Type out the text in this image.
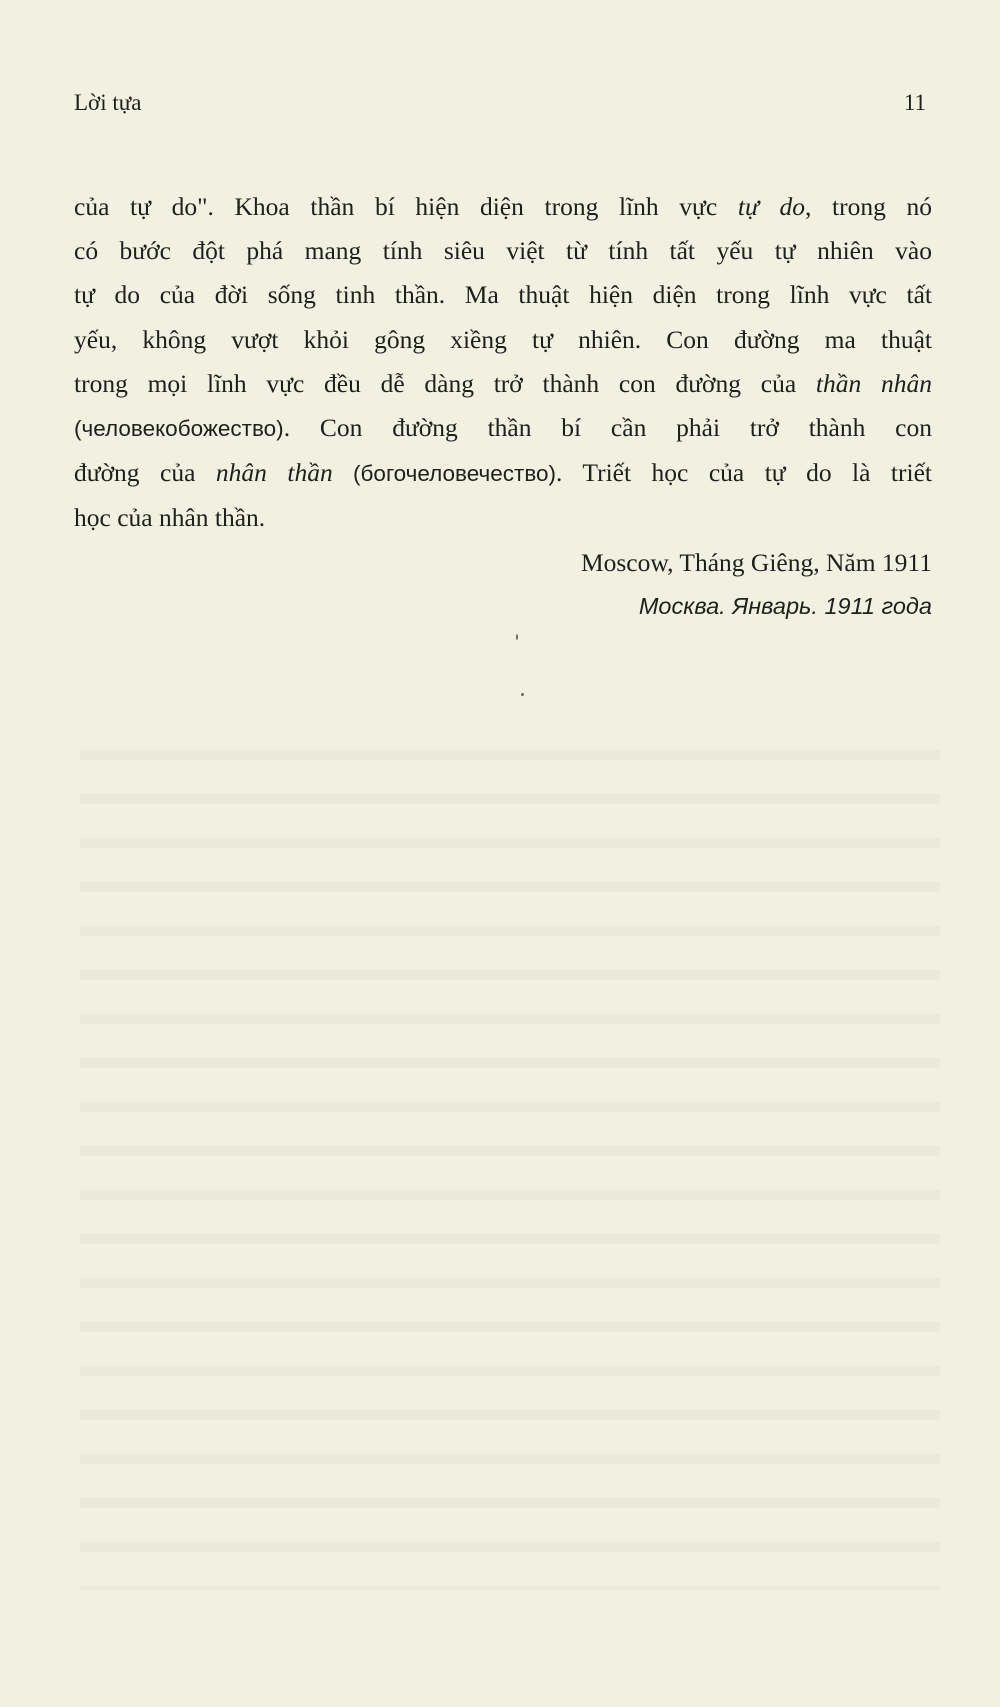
Lời tựa	11
của tự do". Khoa thần bí hiện diện trong lĩnh vực tự do, trong nó
có bước đột phá mang tính siêu việt từ tính tất yếu tự nhiên vào
tự do của đời sống tinh thần. Ma thuật hiện diện trong lĩnh vực tất
yếu, không vượt khỏi gông xiềng tự nhiên. Con đường ma thuật
trong mọi lĩnh vực đều dễ dàng trở thành con đường của thần nhân
(человекобожество). Con đường thần bí cần phải trở thành con
đường của nhân thần (богочеловечество). Triết học của tự do là triết
học của nhân thần.
Moscow, Tháng Giêng, Năm 1911
Москва. Январь. 1911 года
